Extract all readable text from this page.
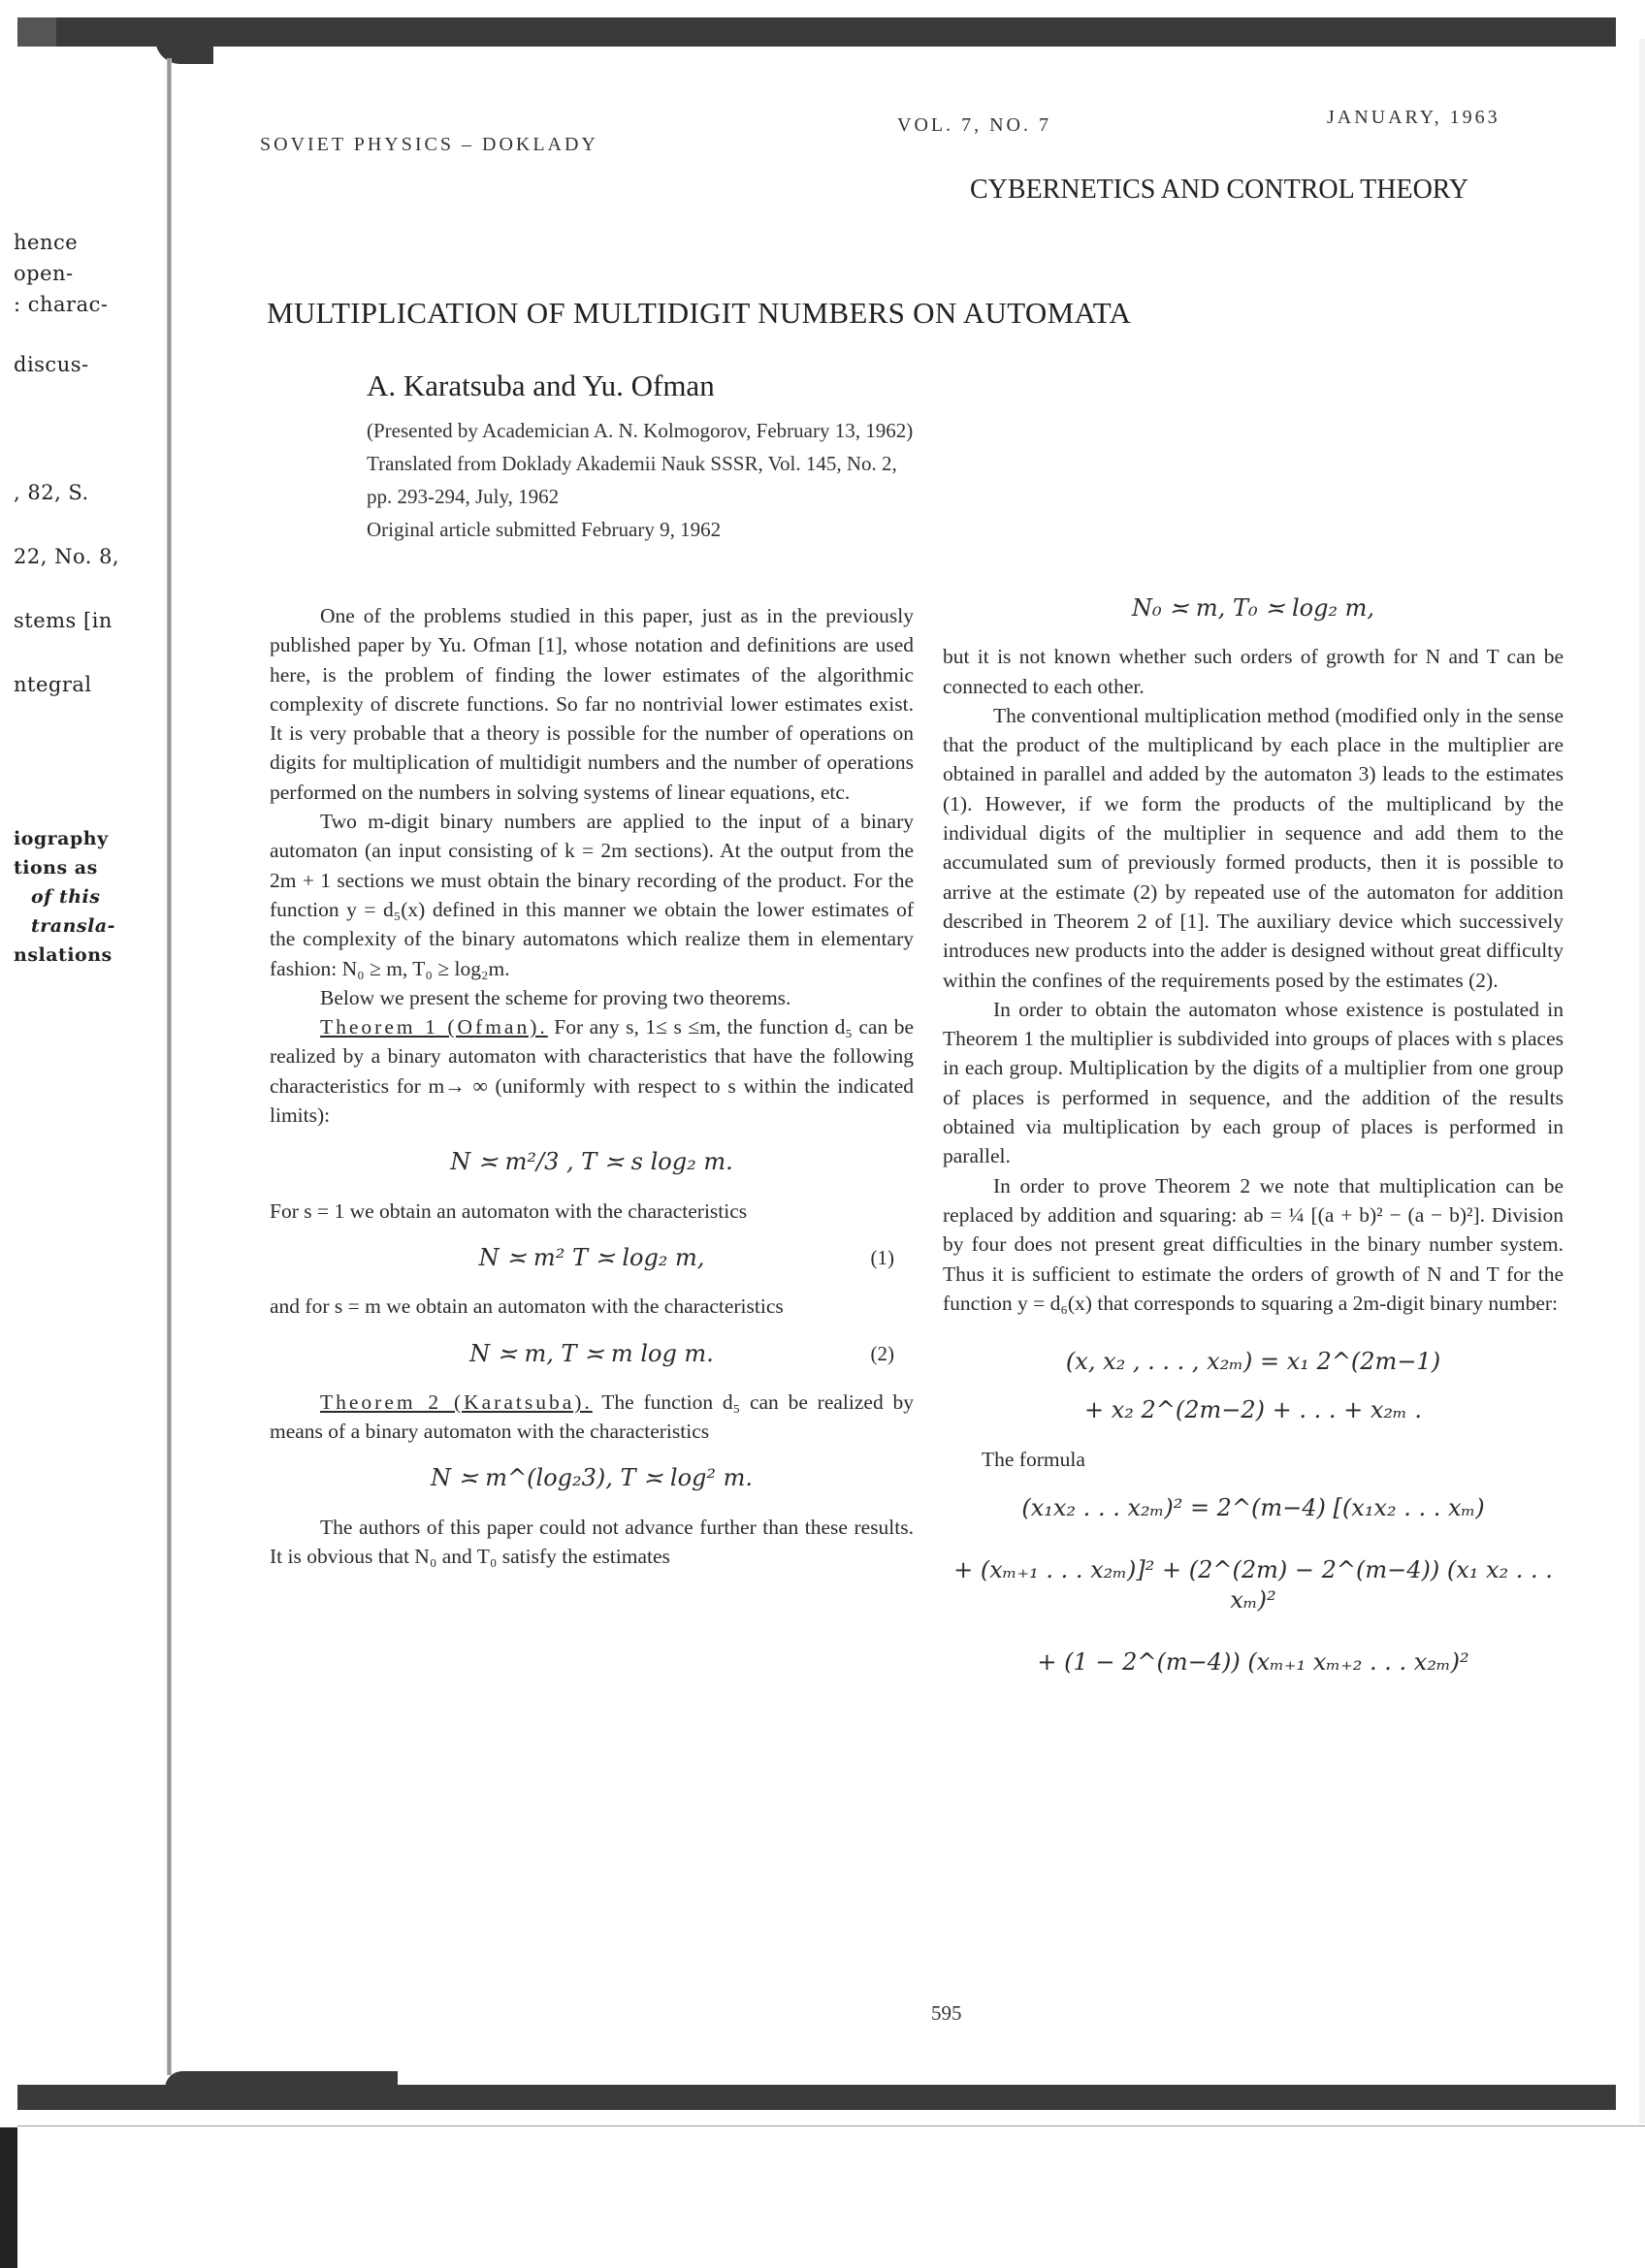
hence
open-
: charac-
discus-
, 82, S.
22, No. 8,
stems [in
ntegral
iography
tions as
of this
transla-
nslations
SOVIET PHYSICS – DOKLADY
VOL. 7, NO. 7	JANUARY, 1963
CYBERNETICS AND CONTROL THEORY
MULTIPLICATION OF MULTIDIGIT NUMBERS ON AUTOMATA
A. Karatsuba and Yu. Ofman
(Presented by Academician A. N. Kolmogorov, February 13, 1962)
Translated from Doklady Akademii Nauk SSSR, Vol. 145, No. 2,
pp. 293-294, July, 1962
Original article submitted February 9, 1962

One of the problems studied in this paper, just as in the previously published paper by Yu. Ofman [1], whose notation and definitions are used here, is the problem of finding the lower estimates of the algorithmic complexity of discrete functions. So far no nontrivial lower estimates exist. It is very probable that a theory is possible for the number of operations on digits for multiplication of multidigit numbers and the number of operations performed on the numbers in solving systems of linear equations, etc.

Two m-digit binary numbers are applied to the input of a binary automaton (an input consisting of k = 2m sections). At the output from the 2m + 1 sections we must obtain the binary recording of the product. For the function y = d₅(x) defined in this manner we obtain the lower estimates of the complexity of the binary automatons which realize them in elementary fashion: N₀ ≥ m, T₀ ≥ log₂m.

Below we present the scheme for proving two theorems.

Theorem 1 (Ofman). For any s, 1≤ s ≤m, the function d₅ can be realized by a binary automaton with characteristics that have the following characteristics for m→ ∞ (uniformly with respect to s within the indicated limits):

N ≍ m²/3 , T ≍ s log₂ m.

For s = 1 we obtain an automaton with the characteristics

N ≍ m² T ≍ log₂ m,	(1)

and for s = m we obtain an automaton with the characteristics

N ≍ m, T ≍ m log m.	(2)

Theorem 2 (Karatsuba). The function d₅ can be realized by means of a binary automaton with the characteristics

N ≍ m^(log₂3), T ≍ log² m.

The authors of this paper could not advance further than these results. It is obvious that N₀ and T₀ satisfy the estimates

N₀ ≍ m, T₀ ≍ log₂ m,

but it is not known whether such orders of growth for N and T can be connected to each other.

The conventional multiplication method (modified only in the sense that the product of the multiplicand by each place in the multiplier are obtained in parallel and added by the automaton 3) leads to the estimates (1). However, if we form the products of the multiplicand by the individual digits of the multiplier in sequence and add them to the accumulated sum of previously formed products, then it is possible to arrive at the estimate (2) by repeated use of the automaton for addition described in Theorem 2 of [1]. The auxiliary device which successively introduces new products into the adder is designed without great difficulty within the confines of the requirements posed by the estimates (2).

In order to obtain the automaton whose existence is postulated in Theorem 1 the multiplier is subdivided into groups of places with s places in each group. Multiplication by the digits of a multiplier from one group of places is performed in sequence, and the addition of the results obtained via multiplication by each group of places is performed in parallel.

In order to prove Theorem 2 we note that multiplication can be replaced by addition and squaring: ab = ¼ [(a + b)² − (a − b)²]. Division by four does not present great difficulties in the binary number system. Thus it is sufficient to estimate the orders of growth of N and T for the function y = d₆(x) that corresponds to squaring a 2m-digit binary number:

(x, x₂ , . . . , x₂ₘ) = x₁ 2^(2m−1)
+ x₂ 2^(2m−2) + . . . + x₂ₘ .

The formula

(x₁x₂ . . . x₂ₘ)² = 2^(m−4) [(x₁x₂ . . . xₘ)
+ (xₘ₊₁ . . . x₂ₘ)]² + (2^(2m) − 2^(m−4)) (x₁ x₂ . . . xₘ)²
+ (1 − 2^(m−4)) (xₘ₊₁ xₘ₊₂ . . . x₂ₘ)²
595
